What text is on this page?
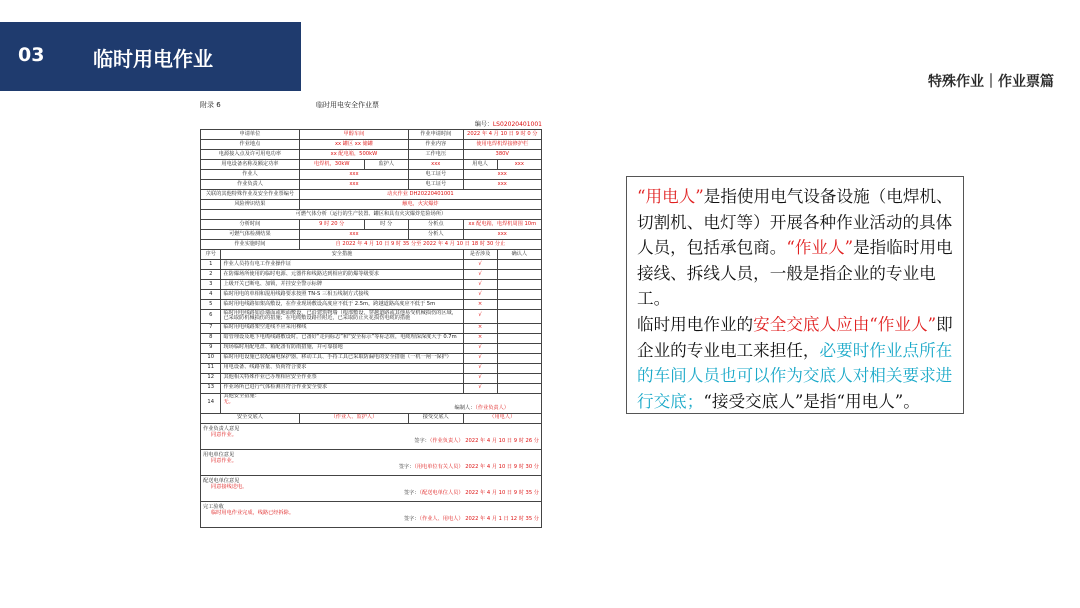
03 临时用电作业
特殊作业｜作业票篇
附录 6	临时用电安全作业票
编号：LS02020401001
申请单位		甲醇车间		作业申请时间	2022 年 4 月 10 日 9 时 0 分	
作业地点		xx 罐区 xx 储罐		作业内容	使用电焊机焊接修护栏	
电源接入点及许可用电功率		xx 配电箱，500kW		工作电压	380V	
用电设备名称及额定功率		电焊机，30kW	监护人	xxx	用电人	xxx
作业人		xxx		电工证号	xxx	
作业负责人		xxx		电工证号	xxx	
关联的其他特殊作业及安全作业票编号		动火作业 DH20220401001				
风险辨识结果		触电，火灾爆炸				
可燃气体分析（运行的生产装置、罐区和具有火灾爆炸危险场所）						
分析时间		9 时 20 分	时 分	分析点	xx 配电箱，电焊机周围 10m	
可燃气体检测结果		xxx		分析人	xxx	
作业实施时间		自 2022 年 4 月 10 日 9 时 35 分至 2022 年 4 月 10 日 18 时 30 分止				
序号	安全措施				是否涉及	确认人
1	作业人员持有电工作业操作证				√	
2	在防爆场所使用的临时电源、元器件和线路达到相应的防爆等级要求				√	
3	上级开关已断电、加锁，并挂安全警示标牌				√	
4	临时用电的单相和混用线路要求按照 TN-S 三相五线制方式接线				√	
5	临时用电线路如架高敷设，在作业现场敷设高度应不低于 2.5m，跨越道路高度应不低于 5m				×	
6	临时用电线路如沿墙面或地面敷设，已沿建筑物墙（根部敷设，穿越道路或其他易受机械损伤的区域，已采取防机械损伤的措施；在电缆敷设路径附近，已采取防止火花损伤电缆的措施				√	
7	临时用电线路架空进线不应采用裸线				×	
8	暗管埋设及地下电缆线路敷设时，已备好“走向标志”和“安全标示”等标志桩，电缆埋深深度大于 0.7m				×	
9	现场临时用配电盘、箱配备有防雨措施，并可靠接地				√	
10	临时用电设施已装配漏电保护器，移动工具、手持工具已采取防漏电的安全措施（一机一闸一保护）				√	
11	用电设备、线路容量、负荷符合要求				√	
12	其他相关特殊作业已办理相应安全作业票				√	
13	作业场所已进行气体检测且符合作业安全要求				√	
14	其他安全措施：
无。
编制人：（作业负责人）					

安全交底人		（作业人、监护人）		接受交底人	（用电人）	

作业负责人意见
同意作业。
签字：（作业负责人） 2022 年 4 月 10 日 9 时 26 分						

用电单位意见
同意作业。
签字：（用电单位有关人员） 2022 年 4 月 10 日 9 时 30 分						

配送电单位意见
同意接线送电。
签字：（配送电单位人员） 2022 年 4 月 10 日 9 时 35 分						

完工验收
临时用电作业完成，线路已经拆除。
签字：（作业人、用电人） 2022 年 4 月 1 日 12 时 35 分						
“用电人”是指使用电气设备设施（电焊机、切割机、电灯等）开展各种作业活动的具体人员，包括承包商。“作业人”是指临时用电接线、拆线人员，一般是指企业的专业电工。
临时用电作业的安全交底人应由“作业人”即企业的专业电工来担任，必要时作业点所在的车间人员也可以作为交底人对相关要求进行交底；“接受交底人”是指“用电人”。
